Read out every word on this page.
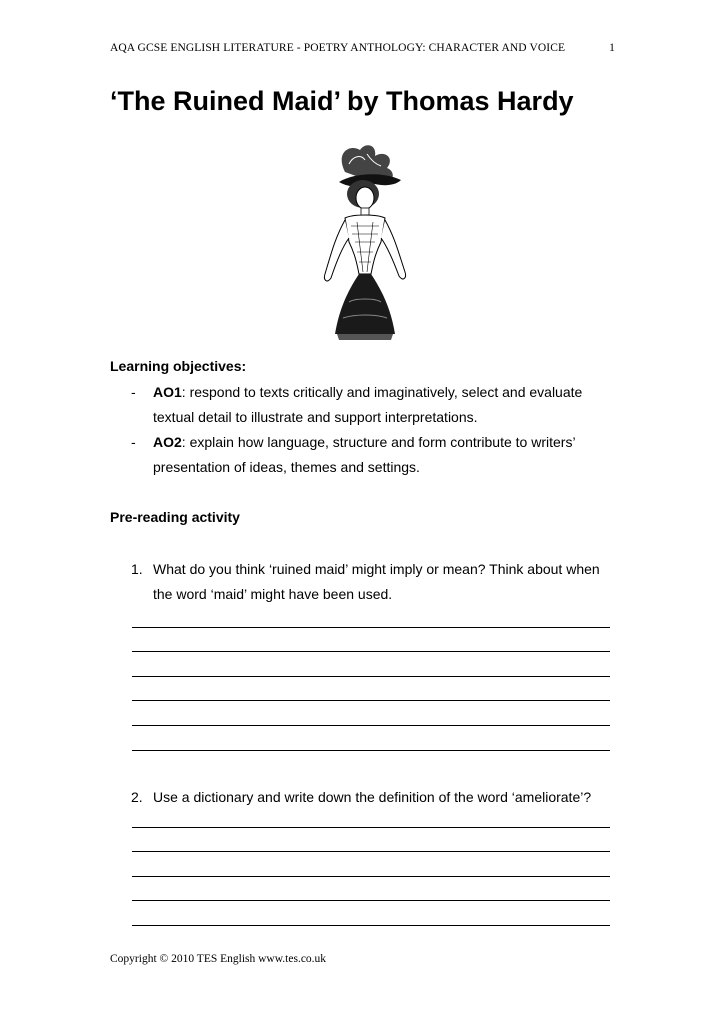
AQA GCSE ENGLISH LITERATURE - POETRY ANTHOLOGY: CHARACTER AND VOICE	1
‘The Ruined Maid’ by Thomas Hardy
Learning objectives:
- AO1: respond to texts critically and imaginatively, select and evaluate textual detail to illustrate and support interpretations.
- AO2: explain how language, structure and form contribute to writers’ presentation of ideas, themes and settings.
Pre-reading activity
1. What do you think ‘ruined maid’ might imply or mean? Think about when the word ‘maid’ might have been used.
2. Use a dictionary and write down the definition of the word ‘ameliorate’?
Copyright © 2010 TES English www.tes.co.uk
